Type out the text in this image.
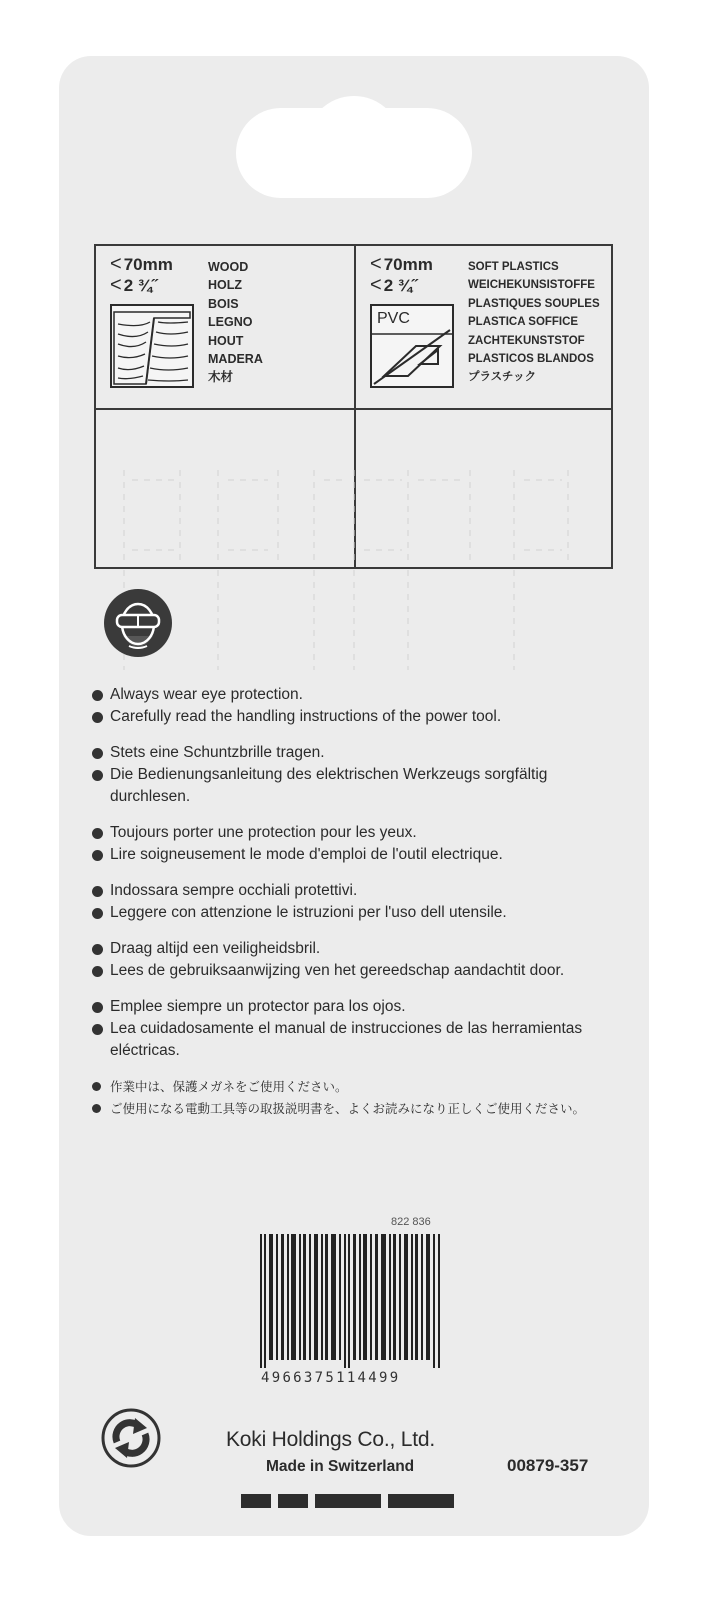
< 70mm
< 2 ¾˝
WOOD
HOLZ
BOIS
LEGNO
HOUT
MADERA
木材
< 70mm
< 2 ¾˝
SOFT PLASTICS
WEICHEKUNSISTOFFE
PLASTIQUES SOUPLES
PLASTICA SOFFICE
ZACHTEKUNSTSTOF
PLASTICOS BLANDOS
プラスチック
PVC
Always wear eye protection.
Carefully read the handling instructions of the power tool.
Stets eine Schuntzbrille tragen.
Die Bedienungsanleitung des elektrischen Werkzeugs sorgfältig durchlesen.
Toujours porter une protection pour les yeux.
Lire soigneusement le mode d'emploi de l'outil electrique.
Indossara sempre occhiali protettivi.
Leggere con attenzione le istruzioni per l'uso dell utensile.
Draag altijd een veiligheidsbril.
Lees de gebruiksaanwijzing ven het gereedschap aandachtit door.
Emplee siempre un protector para los ojos.
Lea cuidadosamente el manual de instrucciones de las herramientas eléctricas.
作業中は、保護メガネをご使用ください。
ご使用になる電動工具等の取扱説明書を、よくお読みになり正しくご使用ください。
822 836
4966375114499
Koki Holdings Co., Ltd.
Made in Switzerland	00879-357
